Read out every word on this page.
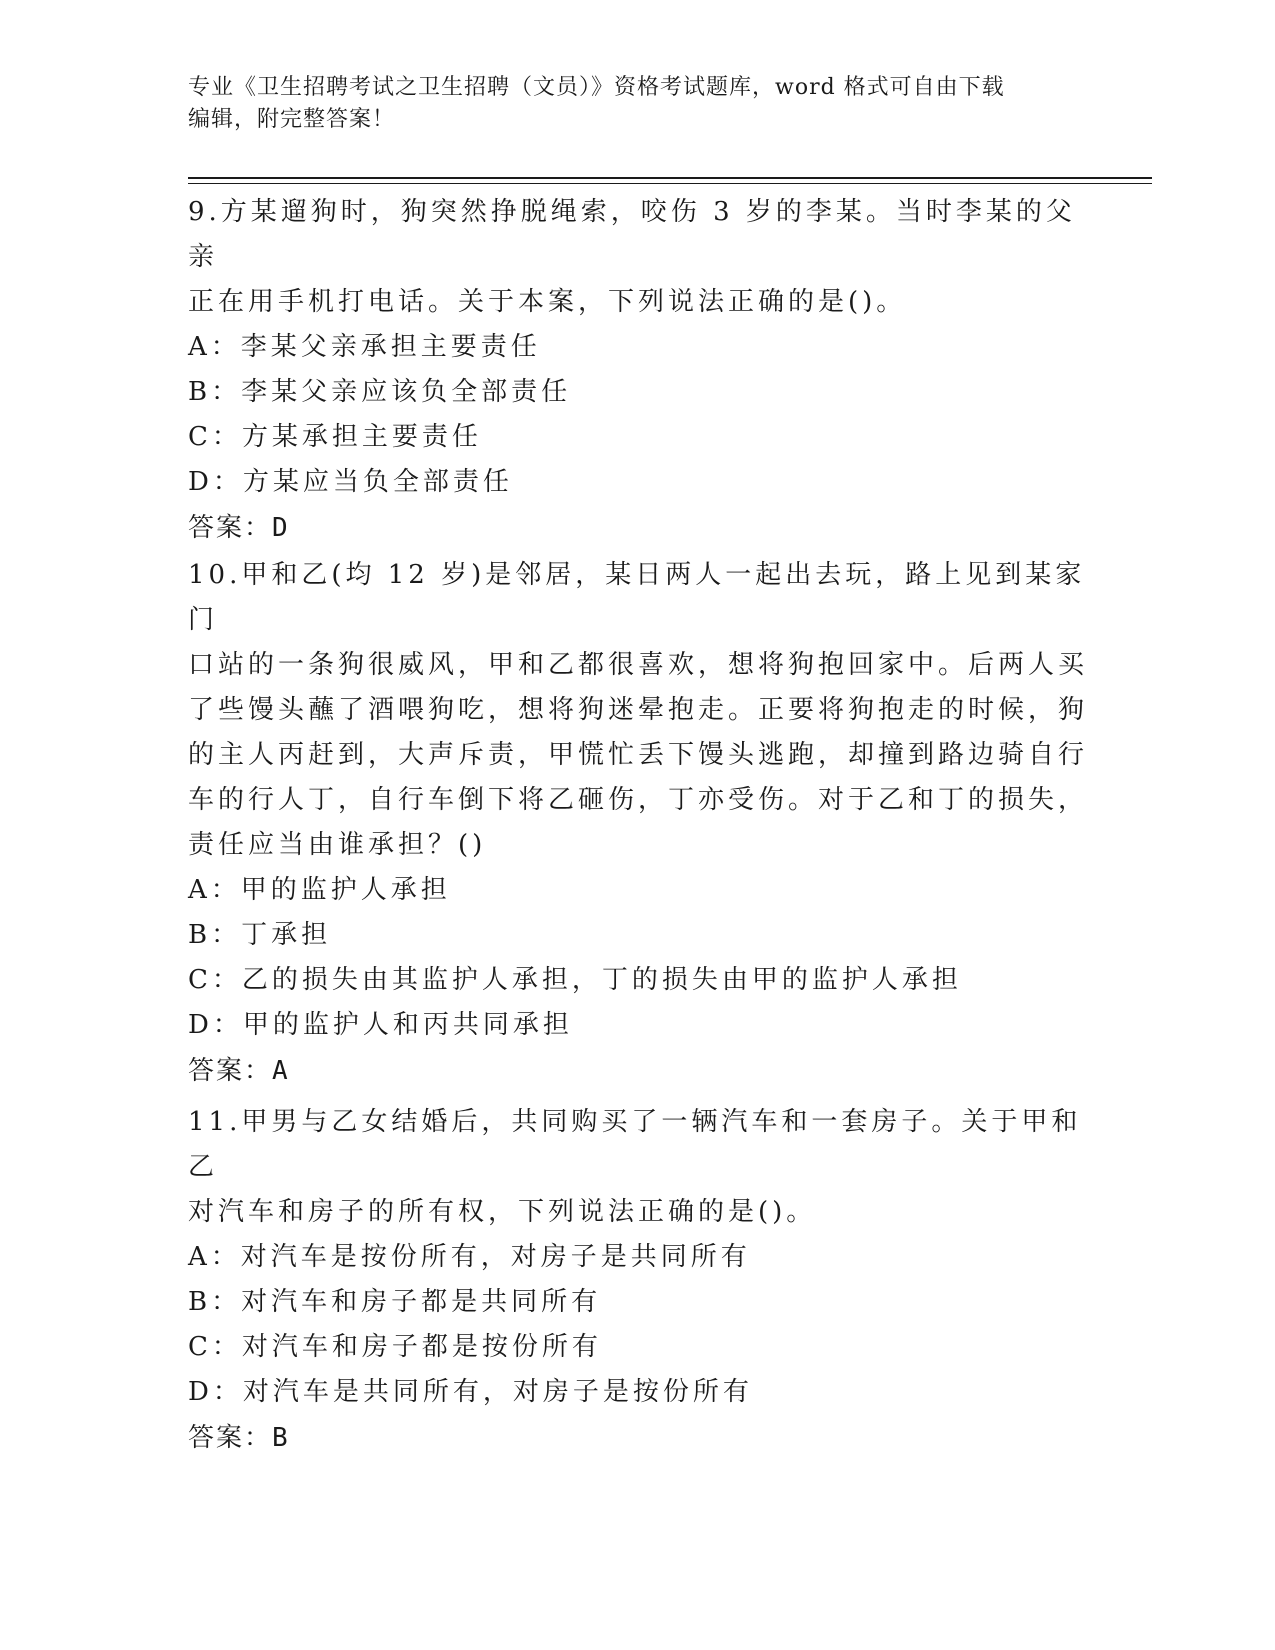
专业《卫生招聘考试之卫生招聘（文员）》资格考试题库，word 格式可自由下载
编辑，附完整答案！
9.方某遛狗时，狗突然挣脱绳索，咬伤 3 岁的李某。当时李某的父亲
正在用手机打电话。关于本案，下列说法正确的是()。
A：李某父亲承担主要责任
B：李某父亲应该负全部责任
C：方某承担主要责任
D：方某应当负全部责任
答案：D
10.甲和乙(均 12 岁)是邻居，某日两人一起出去玩，路上见到某家门
口站的一条狗很威风，甲和乙都很喜欢，想将狗抱回家中。后两人买
了些馒头蘸了酒喂狗吃，想将狗迷晕抱走。正要将狗抱走的时候，狗
的主人丙赶到，大声斥责，甲慌忙丢下馒头逃跑，却撞到路边骑自行
车的行人丁，自行车倒下将乙砸伤，丁亦受伤。对于乙和丁的损失，
责任应当由谁承担？()
A：甲的监护人承担
B：丁承担
C：乙的损失由其监护人承担，丁的损失由甲的监护人承担
D：甲的监护人和丙共同承担
答案：A
11.甲男与乙女结婚后，共同购买了一辆汽车和一套房子。关于甲和乙
对汽车和房子的所有权，下列说法正确的是()。
A：对汽车是按份所有，对房子是共同所有
B：对汽车和房子都是共同所有
C：对汽车和房子都是按份所有
D：对汽车是共同所有，对房子是按份所有
答案：B
